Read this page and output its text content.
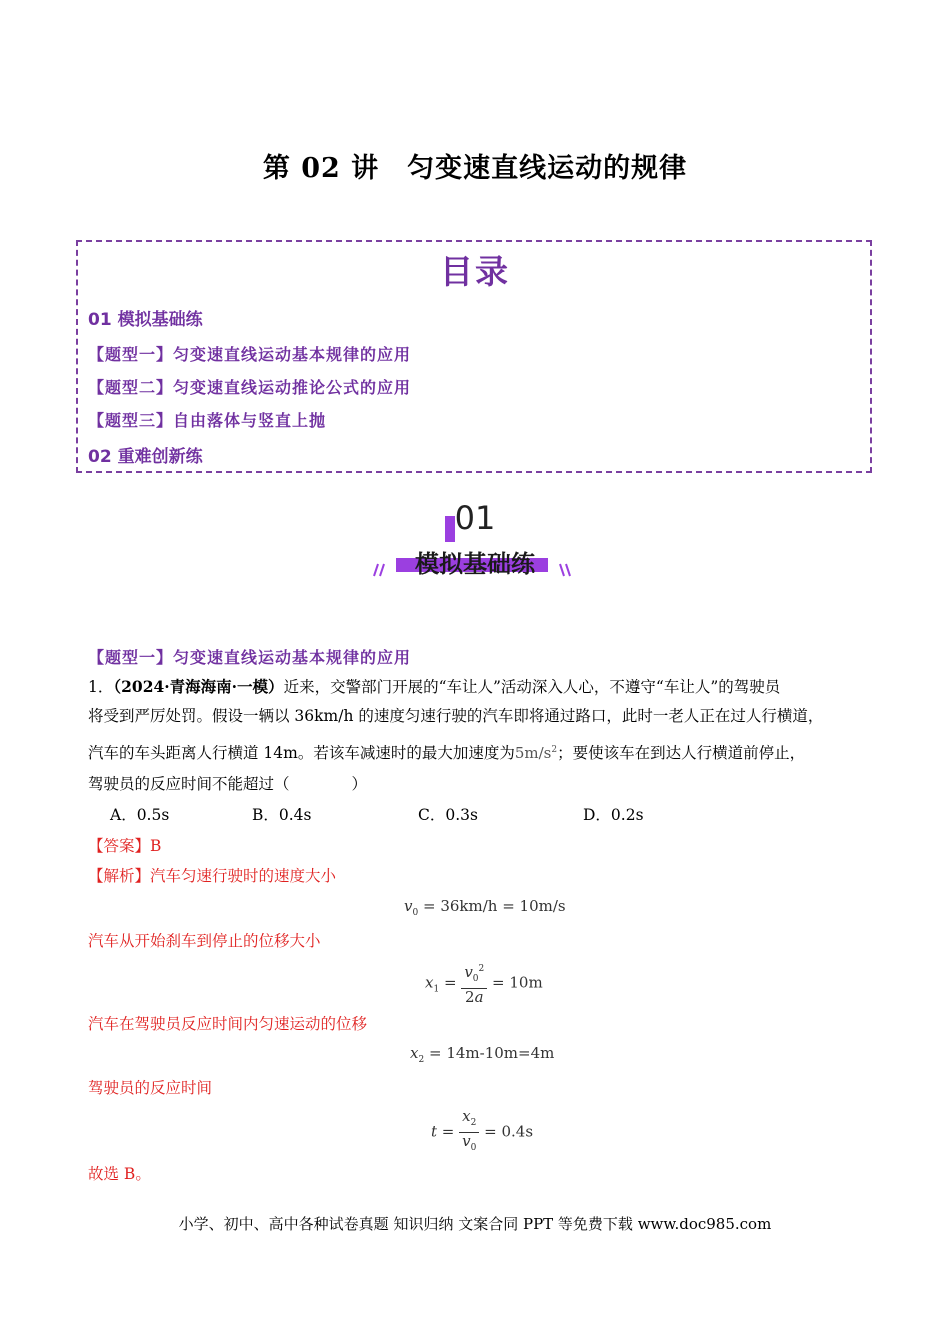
第 02 讲　匀变速直线运动的规律
目录
01 模拟基础练
【题型一】匀变速直线运动基本规律的应用
【题型二】匀变速直线运动推论公式的应用
【题型三】自由落体与竖直上抛
02 重难创新练
01
模拟基础练
【题型一】匀变速直线运动基本规律的应用
1．（2024·青海海南·一模）近来，交警部门开展的“车让人”活动深入人心，不遵守“车让人”的驾驶员
将受到严厉处罚。假设一辆以 36km/h 的速度匀速行驶的汽车即将通过路口，此时一老人正在过人行横道，
汽车的车头距离人行横道 14m。若该车减速时的最大加速度为$5m/s^2$；要使该车在到达人行横道前停止，
驾驶员的反应时间不能超过（　　　　）
A．0.5s	B．0.4s	C．0.3s	D．0.2s
【答案】B
【解析】汽车匀速行驶时的速度大小
$v_0 = 36km/h = 10m/s$
汽车从开始刹车到停止的位移大小
$x_1 = \frac{v_0^2}{2a} = 10m$
汽车在驾驶员反应时间内匀速运动的位移
$x_2 = 14m-10m=4m$
驾驶员的反应时间
$t = \frac{x_2}{v_0} = 0.4s$
故选 B。
小学、初中、高中各种试卷真题 知识归纳 文案合同 PPT 等免费下载 www.doc985.com
